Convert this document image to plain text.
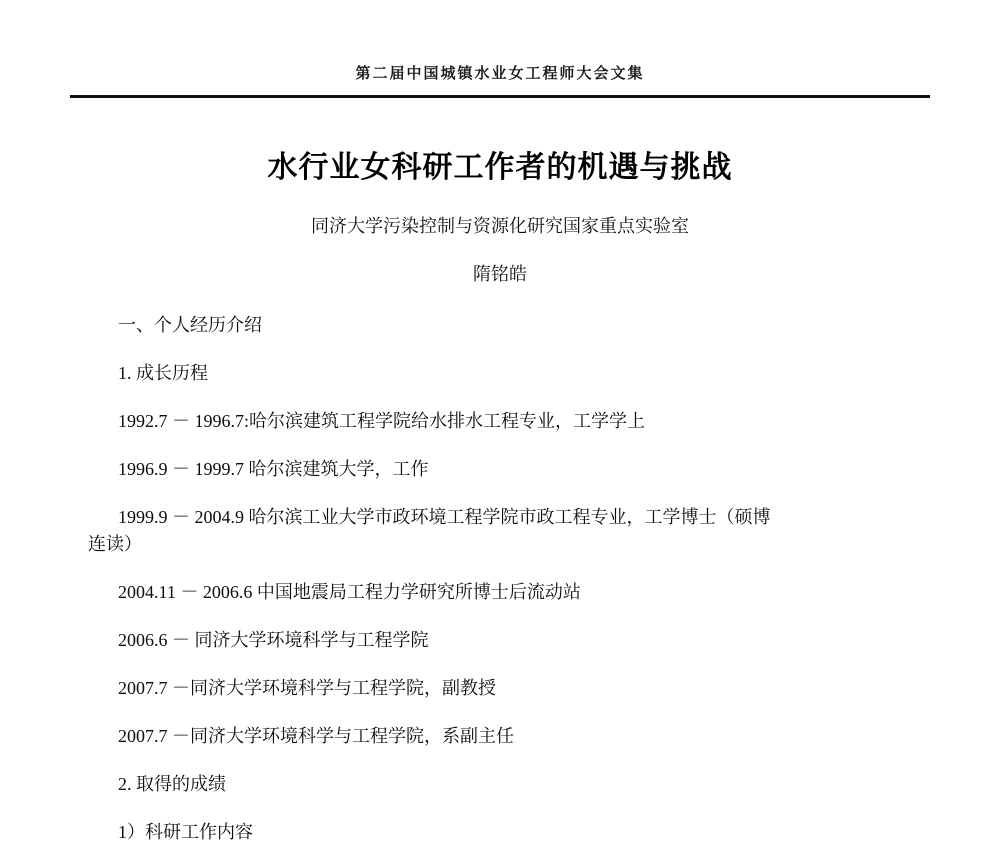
第二届中国城镇水业女工程师大会文集
水行业女科研工作者的机遇与挑战
同济大学污染控制与资源化研究国家重点实验室
隋铭皓

一、个人经历介绍

1. 成长历程

1992.7 － 1996.7:哈尔滨建筑工程学院给水排水工程专业，工学学上

1996.9 － 1999.7 哈尔滨建筑大学，工作

1999.9 － 2004.9 哈尔滨工业大学市政环境工程学院市政工程专业，工学博士（硕博
连读）

2004.11 － 2006.6 中国地震局工程力学研究所博士后流动站

2006.6 － 同济大学环境科学与工程学院

2007.7 －同济大学环境科学与工程学院，副教授

2007.7 －同济大学环境科学与工程学院，系副主任

2. 取得的成绩

1）科研工作内容
